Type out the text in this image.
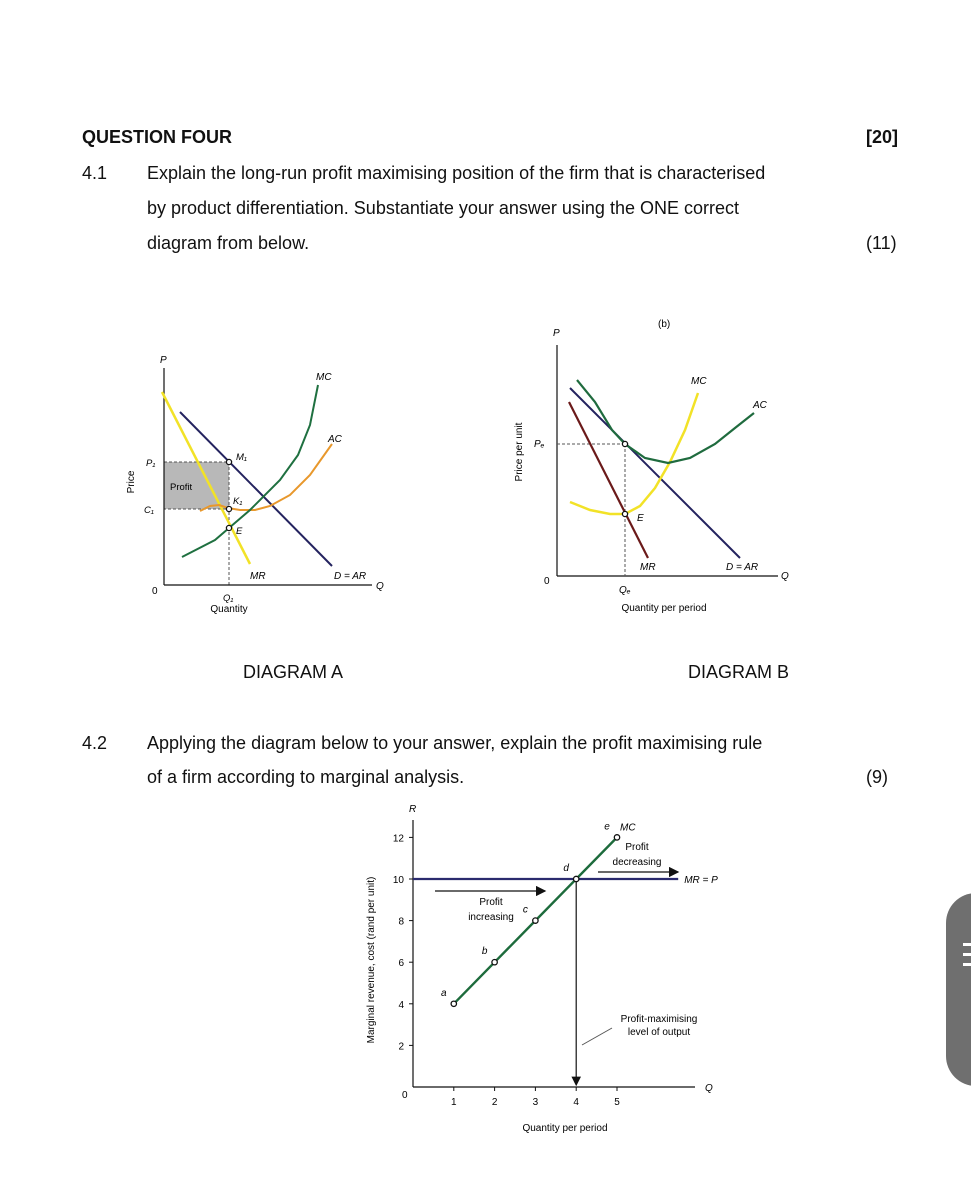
QUESTION FOUR	[20]
4.1 Explain the long-run profit maximising position of the firm that is characterised
by product differentiation. Substantiate your answer using the ONE correct
diagram from below.	(11)
P
Price
Q
0
Quantity
MC
AC
MR	D = AR
P₁
C₁
Q₁
M₁
K₁
E
Profit
DIAGRAM A
(b)
P
Price per unit
Q
0
Quantity per period
MC
AC
MR	D = AR
Pₑ
Qₑ
E
DIAGRAM B
4.2 Applying the diagram below to your answer, explain the profit maximising rule
of a firm according to marginal analysis.	(9)
R
Q
0
Marginal revenue, cost (rand per unit)
Quantity per period
2
4
6
8
10
12
1	2	3	4	5
MR = P
a
b
c
d
e MC
Profit
increasing
Profit
decreasing
Profit-maximising
level of output
